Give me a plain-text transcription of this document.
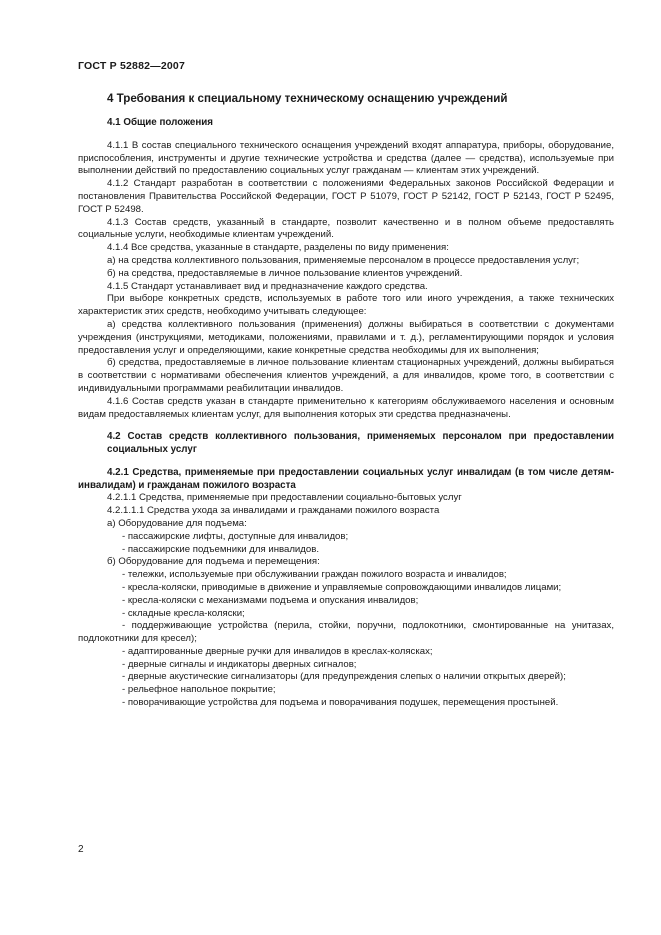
ГОСТ Р 52882—2007
4 Требования к специальному техническому оснащению учреждений
4.1 Общие положения

4.1.1 В состав специального технического оснащения учреждений входят аппаратура, приборы, оборудование, приспособления, инструменты и другие технические устройства и средства (далее — средства), используемые при выполнении действий по предоставлению социальных услуг гражданам — клиентам этих учреждений.

4.1.2 Стандарт разработан в соответствии с положениями Федеральных законов Российской Федерации и постановления Правительства Российской Федерации, ГОСТ Р 51079, ГОСТ Р 52142, ГОСТ Р 52143, ГОСТ Р 52495, ГОСТ Р 52498.

4.1.3 Состав средств, указанный в стандарте, позволит качественно и в полном объеме предоставлять социальные услуги, необходимые клиентам учреждений.

4.1.4 Все средства, указанные в стандарте, разделены по виду применения:

а) на средства коллективного пользования, применяемые персоналом в процессе предоставления услуг;

б) на средства, предоставляемые в личное пользование клиентов учреждений.

4.1.5 Стандарт устанавливает вид и предназначение каждого средства.

При выборе конкретных средств, используемых в работе того или иного учреждения, а также технических характеристик этих средств, необходимо учитывать следующее:

а) средства коллективного пользования (применения) должны выбираться в соответствии с документами учреждения (инструкциями, методиками, положениями, правилами и т. д.), регламентирующими порядок и условия предоставления услуг и определяющими, какие конкретные средства необходимы для их выполнения;

б) средства, предоставляемые в личное пользование клиентам стационарных учреждений, должны выбираться в соответствии с нормативами обеспечения клиентов учреждений, а для инвалидов, кроме того, в соответствии с индивидуальными программами реабилитации инвалидов.

4.1.6 Состав средств указан в стандарте применительно к категориям обслуживаемого населения и основным видам предоставляемых клиентам услуг, для выполнения которых эти средства предназначены.

4.2 Состав средств коллективного пользования, применяемых персоналом при предоставлении социальных услуг
4.2.1 Средства, применяемые при предоставлении социальных услуг инвалидам (в том числе детям-инвалидам) и гражданам пожилого возраста

4.2.1.1 Средства, применяемые при предоставлении социально-бытовых услуг

4.2.1.1.1 Средства ухода за инвалидами и гражданами пожилого возраста

а) Оборудование для подъема:

- пассажирские лифты, доступные для инвалидов;
- пассажирские подъемники для инвалидов.

б) Оборудование для подъема и перемещения:

- тележки, используемые при обслуживании граждан пожилого возраста и инвалидов;
- кресла-коляски, приводимые в движение и управляемые сопровождающими инвалидов лицами;
- кресла-коляски с механизмами подъема и опускания инвалидов;
- складные кресла-коляски;
- поддерживающие устройства (перила, стойки, поручни, подлокотники, смонтированные на унитазах, подлокотники для кресел);
- адаптированные дверные ручки для инвалидов в креслах-колясках;
- дверные сигналы и индикаторы дверных сигналов;
- дверные акустические сигнализаторы (для предупреждения слепых о наличии открытых дверей);
- рельефное напольное покрытие;
- поворачивающие устройства для подъема и поворачивания подушек, перемещения простыней.
2
